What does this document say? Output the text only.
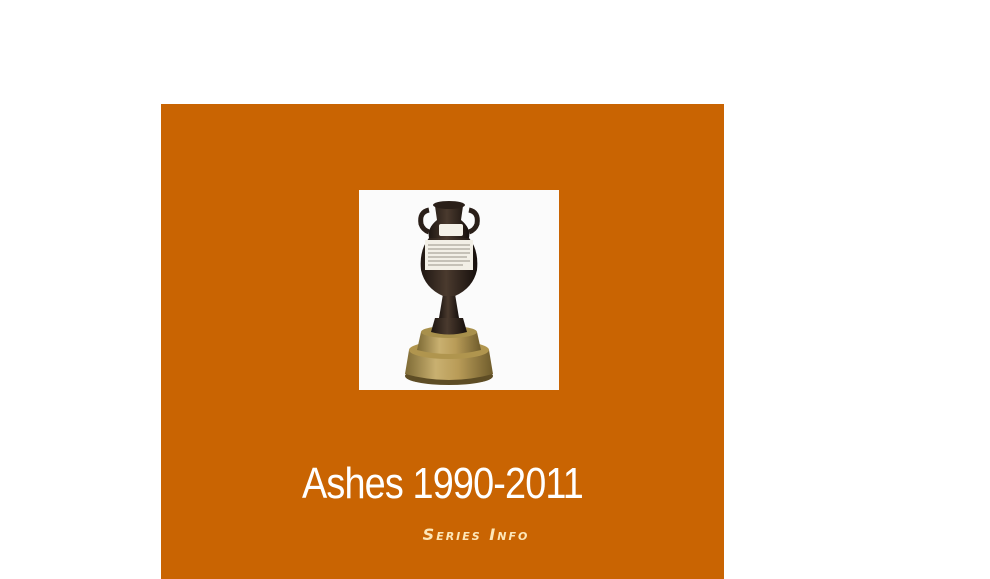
Ashes 1990-2011
Series Info
